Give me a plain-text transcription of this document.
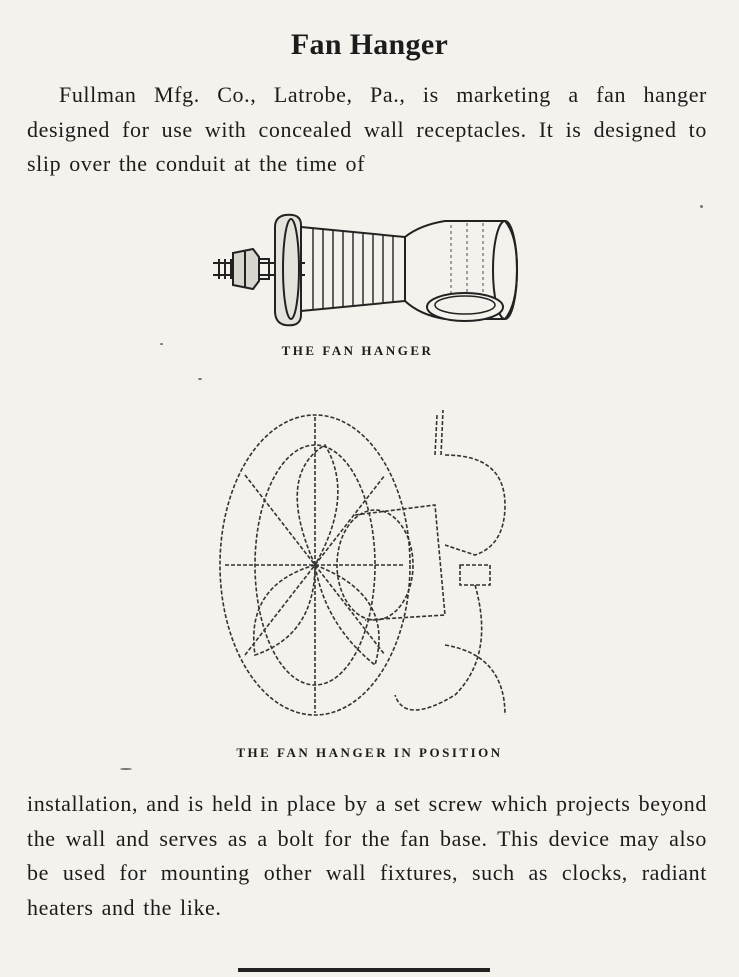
Fan Hanger
Fullman Mfg. Co., Latrobe, Pa., is marketing a fan hanger designed for use with concealed wall receptacles. It is designed to slip over the conduit at the time of
THE FAN HANGER
THE FAN HANGER IN POSITION
installation, and is held in place by a set screw which projects beyond the wall and serves as a bolt for the fan base. This device may also be used for mounting other wall fixtures, such as clocks, radiant heaters and the like.
